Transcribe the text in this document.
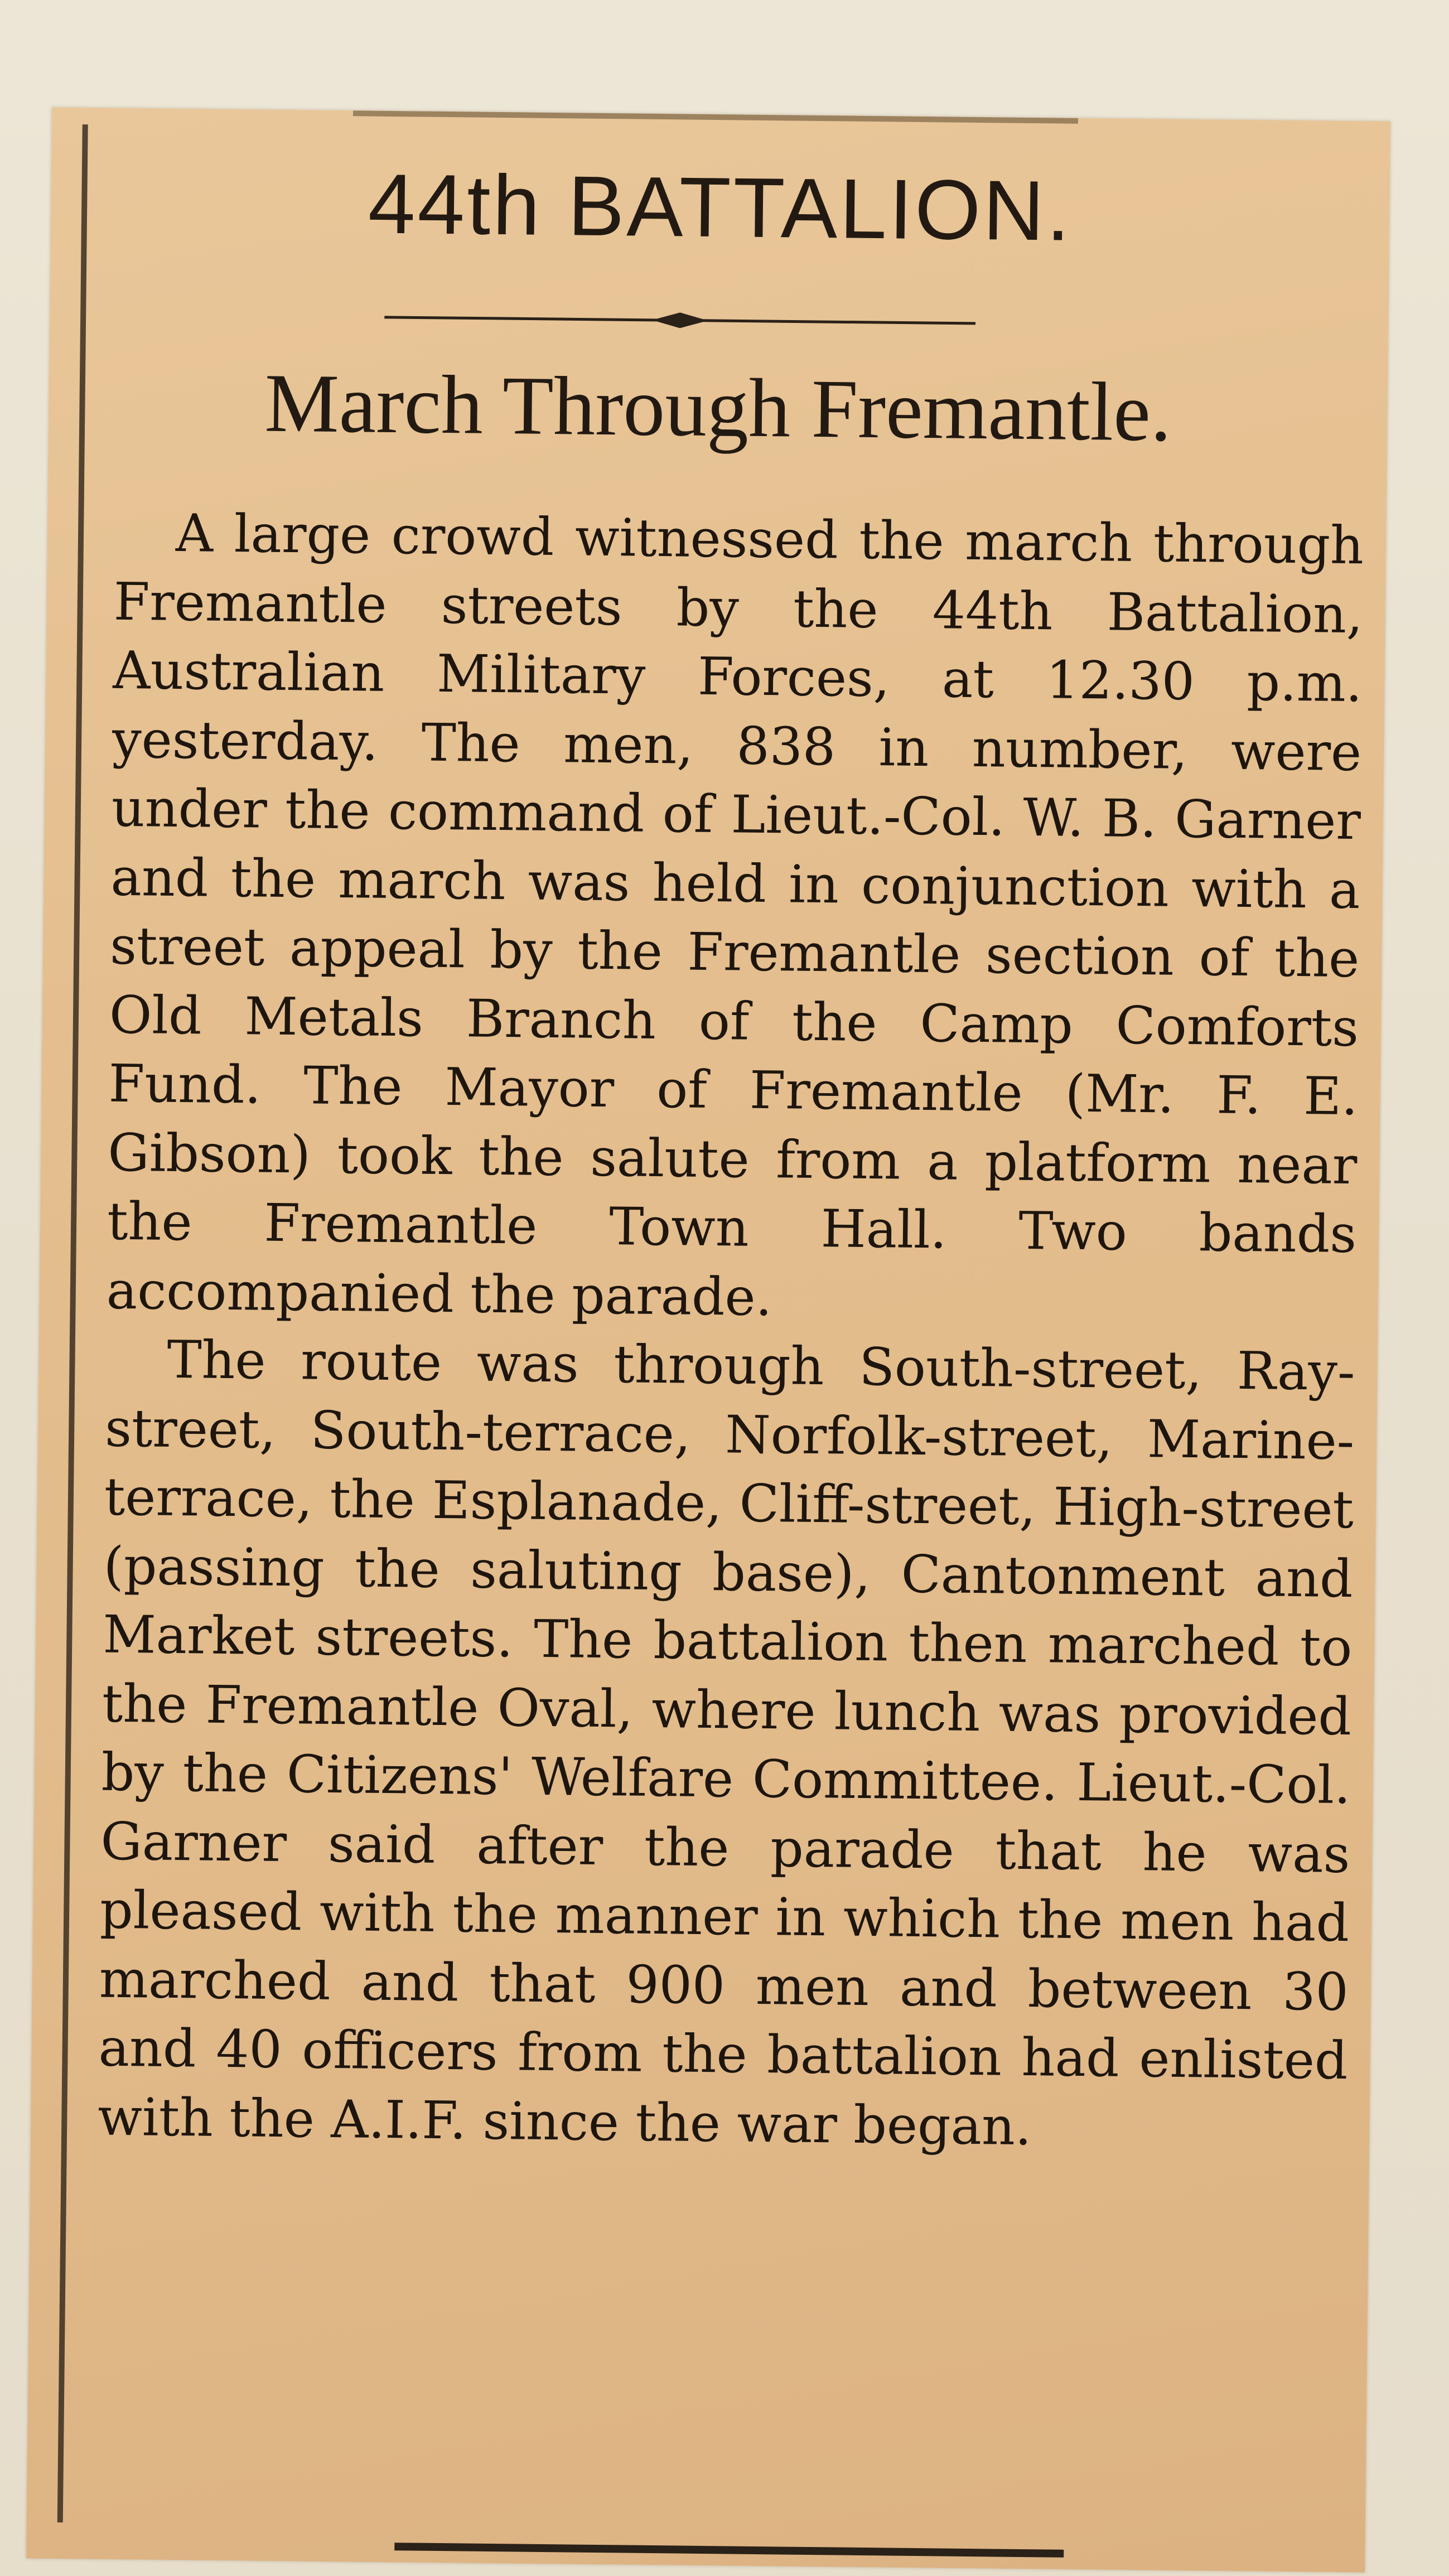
44th BATTALION.
March Through Fremantle.

A large crowd witnessed the march through Fremantle streets by the 44th Battalion, Australian Military Forces, at 12.30 p.m. yesterday. The men, 838 in number, were under the command of Lieut.-Col. W. B. Garner and the march was held in conjunction with a street appeal by the Fremantle section of the Old Metals Branch of the Camp Comforts Fund. The Mayor of Fremantle (Mr. F. E. Gibson) took the salute from a platform near the Fremantle Town Hall. Two bands accompanied the parade.

The route was through South-street, Ray-street, South-terrace, Norfolk-street, Marine-terrace, the Esplanade, Cliff-street, High-street (passing the saluting base), Cantonment and Market streets. The battalion then marched to the Fremantle Oval, where lunch was provided by the Citizens' Welfare Committee. Lieut.-Col. Garner said after the parade that he was pleased with the manner in which the men had marched and that 900 men and between 30 and 40 officers from the battalion had enlisted with the A.I.F. since the war began.
